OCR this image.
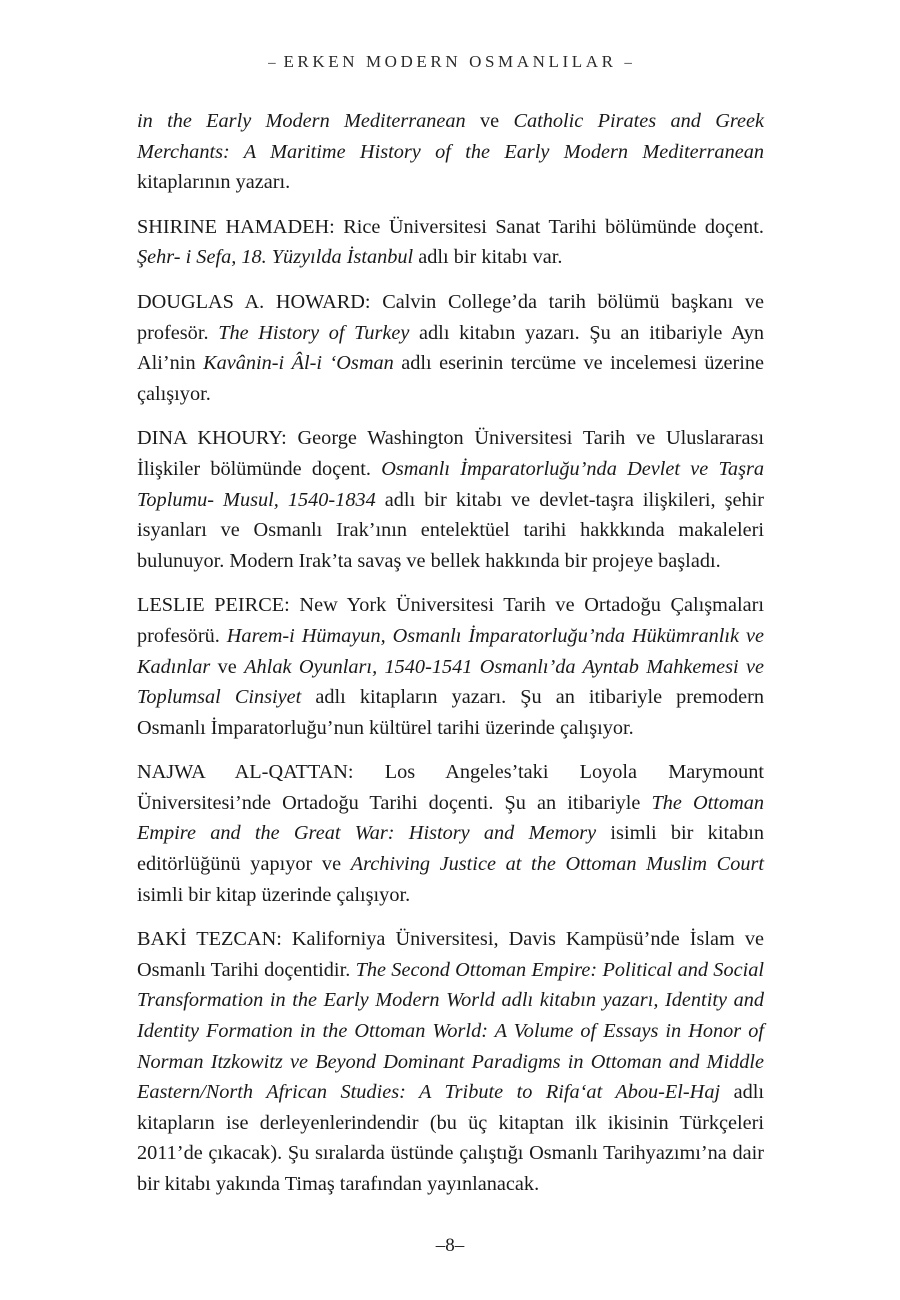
– ERKEN MODERN OSMANLILAR –

in the Early Modern Mediterranean ve Catholic Pirates and Greek Merchants: A Maritime History of the Early Modern Mediterranean kitaplarının yazarı.

SHIRINE HAMADEH: Rice Üniversitesi Sanat Tarihi bölümünde doçent. Şehr- i Sefa, 18. Yüzyılda İstanbul adlı bir kitabı var.

DOUGLAS A. HOWARD: Calvin College’da tarih bölümü başkanı ve profesör. The History of Turkey adlı kitabın yazarı. Şu an itibariyle Ayn Ali’nin Kavânin-i Âl-i ‘Osman adlı eserinin tercüme ve incelemesi üzerine çalışıyor.

DINA KHOURY: George Washington Üniversitesi Tarih ve Uluslararası İlişkiler bölümünde doçent. Osmanlı İmparatorluğu’nda Devlet ve Taşra Toplumu- Musul, 1540-1834 adlı bir kitabı ve devlet-taşra ilişkileri, şehir isyanları ve Osmanlı Irak’ının entelektüel tarihi hakkkında makaleleri bulunuyor. Modern Irak’ta savaş ve bellek hakkında bir projeye başladı.

LESLIE PEIRCE: New York Üniversitesi Tarih ve Ortadoğu Çalışmaları profesörü. Harem-i Hümayun, Osmanlı İmparatorluğu’nda Hükümranlık ve Kadınlar ve Ahlak Oyunları, 1540-1541 Osmanlı’da Ayntab Mahkemesi ve Toplumsal Cinsiyet adlı kitapların yazarı. Şu an itibariyle premodern Osmanlı İmparatorluğu’nun kültürel tarihi üzerinde çalışıyor.

NAJWA AL-QATTAN: Los Angeles’taki Loyola Marymount Üniversitesi’nde Ortadoğu Tarihi doçenti. Şu an itibariyle The Ottoman Empire and the Great War: History and Memory isimli bir kitabın editörlüğünü yapıyor ve Archiving Justice at the Ottoman Muslim Court isimli bir kitap üzerinde çalışıyor.

BAKİ TEZCAN: Kaliforniya Üniversitesi, Davis Kampüsü’nde İslam ve Osmanlı Tarihi doçentidir. The Second Ottoman Empire: Political and Social Transformation in the Early Modern World adlı kitabın yazarı, Identity and Identity Formation in the Ottoman World: A Volume of Essays in Honor of Norman Itzkowitz ve Beyond Dominant Paradigms in Ottoman and Middle Eastern/North African Studies: A Tribute to Rifa‘at Abou-El-Haj adlı kitapların ise derleyenlerindendir (bu üç kitaptan ilk ikisinin Türkçeleri 2011’de çıkacak). Şu sıralarda üstünde çalıştığı Osmanlı Tarihyazımı’na dair bir kitabı yakında Timaş tarafından yayınlanacak.

–8–
